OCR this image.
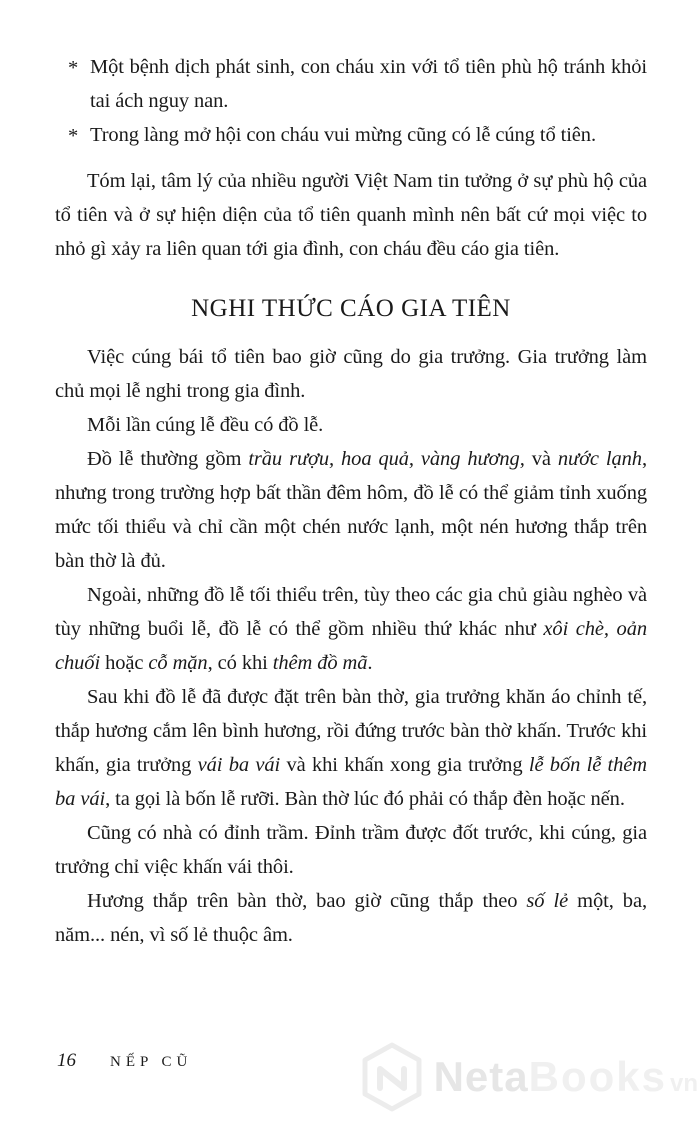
* Một bệnh dịch phát sinh, con cháu xin với tổ tiên phù hộ tránh khỏi tai ách nguy nan.
* Trong làng mở hội con cháu vui mừng cũng có lễ cúng tổ tiên.

Tóm lại, tâm lý của nhiều người Việt Nam tin tưởng ở sự phù hộ của tổ tiên và ở sự hiện diện của tổ tiên quanh mình nên bất cứ mọi việc to nhỏ gì xảy ra liên quan tới gia đình, con cháu đều cáo gia tiên.

NGHI THỨC CÁO GIA TIÊN

Việc cúng bái tổ tiên bao giờ cũng do gia trưởng. Gia trưởng làm chủ mọi lễ nghi trong gia đình.

Mỗi lần cúng lễ đều có đồ lễ.

Đồ lễ thường gồm trầu rượu, hoa quả, vàng hương, và nước lạnh, nhưng trong trường hợp bất thần đêm hôm, đồ lễ có thể giảm tỉnh xuống mức tối thiểu và chỉ cần một chén nước lạnh, một nén hương thắp trên bàn thờ là đủ.

Ngoài, những đồ lễ tối thiểu trên, tùy theo các gia chủ giàu nghèo và tùy những buổi lễ, đồ lễ có thể gồm nhiều thứ khác như xôi chè, oản chuối hoặc cỗ mặn, có khi thêm đồ mã.

Sau khi đồ lễ đã được đặt trên bàn thờ, gia trưởng khăn áo chỉnh tế, thắp hương cắm lên bình hương, rồi đứng trước bàn thờ khấn. Trước khi khấn, gia trưởng vái ba vái và khi khấn xong gia trưởng lễ bốn lễ thêm ba vái, ta gọi là bốn lễ rưỡi. Bàn thờ lúc đó phải có thắp đèn hoặc nến.

Cũng có nhà có đỉnh trầm. Đỉnh trầm được đốt trước, khi cúng, gia trưởng chỉ việc khấn vái thôi.

Hương thắp trên bàn thờ, bao giờ cũng thắp theo số lẻ một, ba, năm... nén, vì số lẻ thuộc âm.

16 NẾP CŨ	NetaBooks vn
